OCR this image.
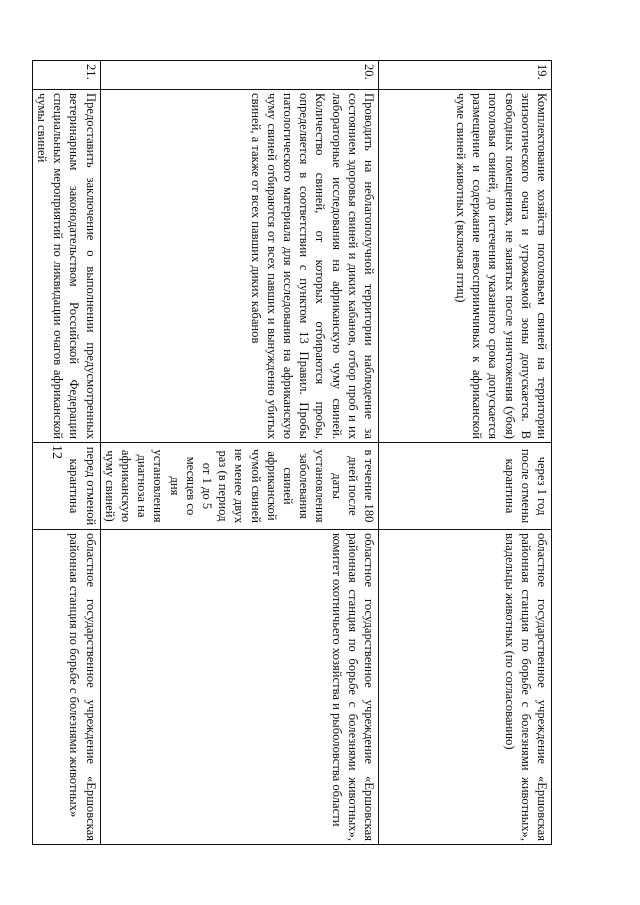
12
19.	Комплектование хозяйств поголовьем свиней на территории эпизоотического очага и угрожаемой зоны допускается. В свободных помещениях, не занятых после уничтожения (убоя) поголовья свиней, до истечения указанного срока допускается размещение и содержание невосприимчивых к африканской чуме свиней животных (включая птиц)	через 1 год после отмены карантина	областное государственное учреждение «Ершовская районная станция по борьбе с болезнями животных», владельцы животных (по согласованию)
20.	Проводить на неблагополучной территории наблюдение за состоянием здоровья свиней и диких кабанов, отбор проб и их лабораторные исследования на африканскую чуму свиней. Количество свиней, от которых отбираются пробы, определяется в соответствии с пунктом 13 Правил. Пробы патологического материала для исследования на африканскую чуму свиней отбираются от всех павших и вынужденно убитых свиней, а также от всех павших диких кабанов	в течение 180 дней после даты установления заболевания свиней африканской чумой свиней не менее двух раз (в период от 1 до 5 месяцев со дня установления диагноза на африканскую чуму свиней)	областное государственное учреждение «Ершовская районная станция по борьбе с болезнями животных», комитет охотничьего хозяйства и рыболовства области
21.	Предоставить заключение о выполнении предусмотренных ветеринарным законодательством Российской Федерации специальных мероприятий по ликвидации очагов африканской чумы свиней	перед отменой карантина	областное государственное учреждение «Ершовская районная станция по борьбе с болезнями животных»
